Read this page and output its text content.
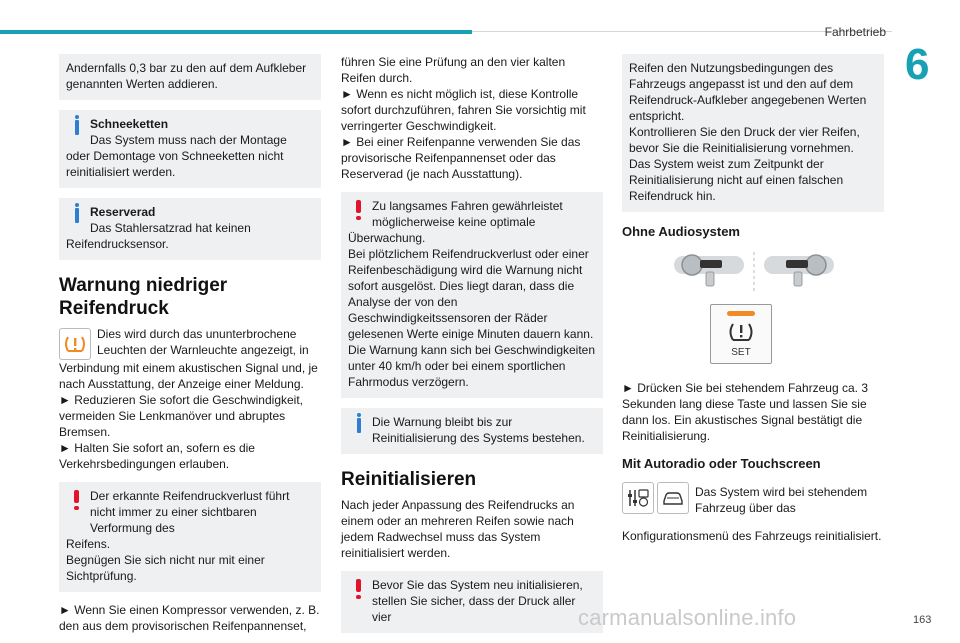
Fahrbetrieb
6

Andernfalls 0,3 bar zu den auf dem Aufkleber genannten Werten addieren.

Schneeketten
Das System muss nach der Montage

oder Demontage von Schneeketten nicht reinitialisiert werden.

Reserverad
Das Stahlersatzrad hat keinen

Reifendrucksensor.

Warnung niedriger Reifendruck

Dies wird durch das ununterbrochene Leuchten der Warnleuchte angezeigt, in

Verbindung mit einem akustischen Signal und, je nach Ausstattung, der Anzeige einer Meldung.

► Reduzieren Sie sofort die Geschwindigkeit, vermeiden Sie Lenkmanöver und abruptes Bremsen.

► Halten Sie sofort an, sofern es die Verkehrsbedingungen erlauben.

Der erkannte Reifendruckverlust führt nicht immer zu einer sichtbaren Verformung des

Reifens.

Begnügen Sie sich nicht nur mit einer Sichtprüfung.

► Wenn Sie einen Kompressor verwenden, z. B. den aus dem provisorischen Reifenpannenset,

führen Sie eine Prüfung an den vier kalten Reifen durch.

► Wenn es nicht möglich ist, diese Kontrolle sofort durchzuführen, fahren Sie vorsichtig mit verringerter Geschwindigkeit.

► Bei einer Reifenpanne verwenden Sie das provisorische Reifenpannenset oder das Reserverad (je nach Ausstattung).

Zu langsames Fahren gewährleistet möglicherweise keine optimale

Überwachung.

Bei plötzlichem Reifendruckverlust oder einer Reifenbeschädigung wird die Warnung nicht sofort ausgelöst. Dies liegt daran, dass die Analyse der von den Geschwindigkeitssensoren der Räder gelesenen Werte einige Minuten dauern kann.

Die Warnung kann sich bei Geschwindigkeiten unter 40 km/h oder bei einem sportlichen Fahrmodus verzögern.

Die Warnung bleibt bis zur Reinitialisierung des Systems bestehen.
Reinitialisieren

Nach jeder Anpassung des Reifendrucks an einem oder an mehreren Reifen sowie nach jedem Radwechsel muss das System reinitialisiert werden.

Bevor Sie das System neu initialisieren, stellen Sie sicher, dass der Druck aller vier

Reifen den Nutzungsbedingungen des Fahrzeugs angepasst ist und den auf dem Reifendruck-Aufkleber angegebenen Werten entspricht.

Kontrollieren Sie den Druck der vier Reifen, bevor Sie die Reinitialisierung vornehmen.

Das System weist zum Zeitpunkt der Reinitialisierung nicht auf einen falschen Reifendruck hin.

Ohne Audiosystem
SET

► Drücken Sie bei stehendem Fahrzeug ca. 3 Sekunden lang diese Taste und lassen Sie sie dann los. Ein akustisches Signal bestätigt die Reinitialisierung.

Mit Autoradio oder Touchscreen

Das System wird bei stehendem Fahrzeug über das

Konfigurationsmenü des Fahrzeugs reinitialisiert.

carmanualsonline.info	163
